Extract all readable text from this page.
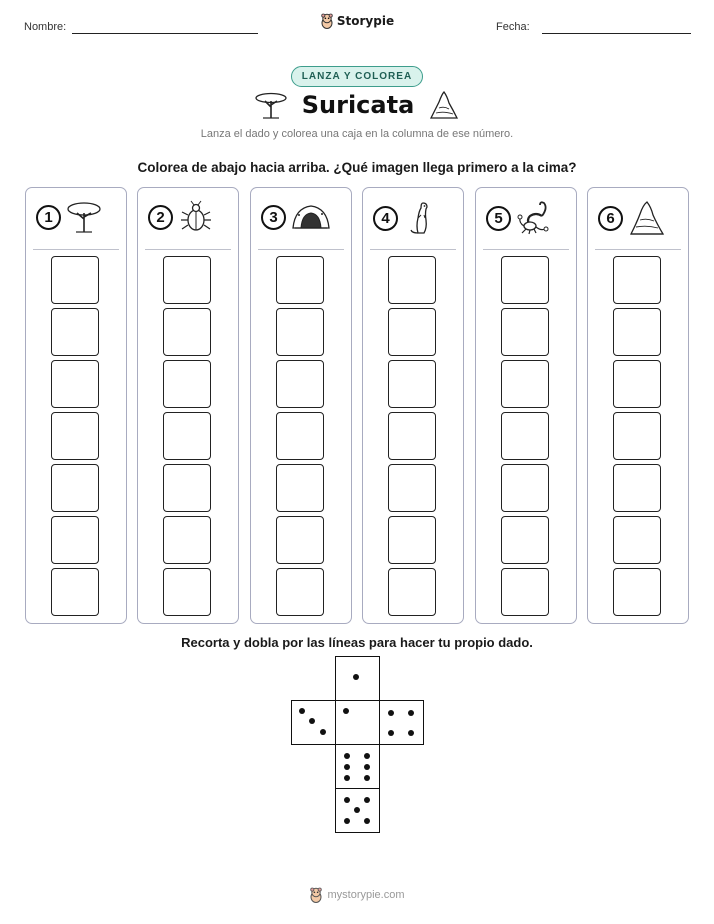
Nombre:	Storypie	Fecha:
LANZA Y COLOREA
Suricata
Lanza el dado y colorea una caja en la columna de ese número.
Colorea de abajo hacia arriba. ¿Qué imagen llega primero a la cima?
1	2	3	4	5	6
Recorta y dobla por las líneas para hacer tu propio dado.
mystorypie.com
